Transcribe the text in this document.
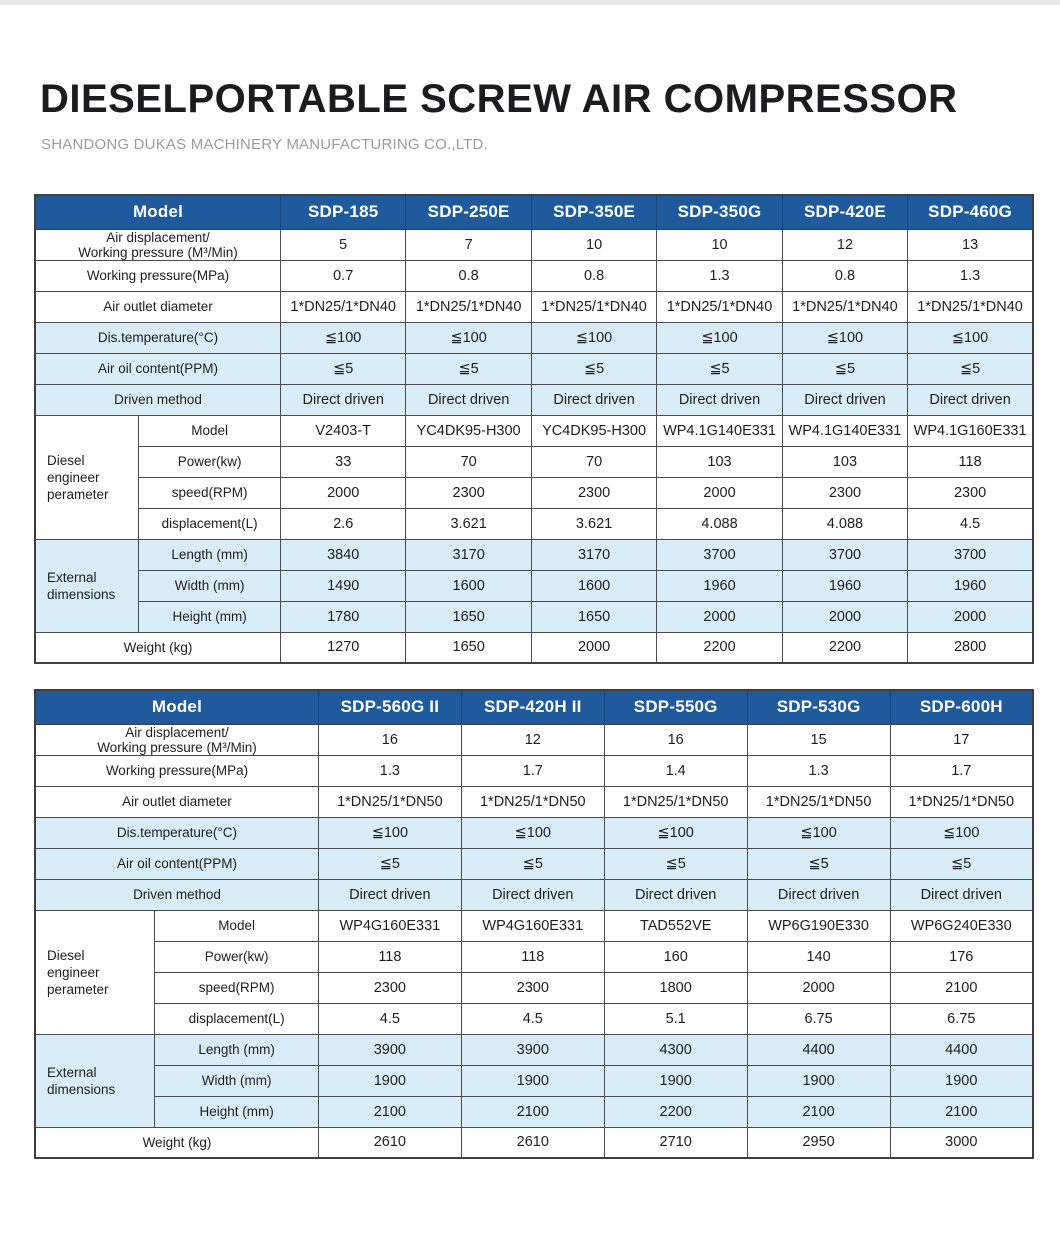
DIESELPORTABLE SCREW AIR COMPRESSOR
SHANDONG DUKAS MACHINERY MANUFACTURING CO.,LTD.
Model		SDP-185	SDP-250E	SDP-350E	SDP-350G	SDP-420E	SDP-460G

Air displacement/
Working pressure (M³/Min)		5	7	10	10	12	13

Working pressure(MPa)		0.7	0.8	0.8	1.3	0.8	1.3

Air outlet diameter		1*DN25/1*DN40	1*DN25/1*DN40	1*DN25/1*DN40	1*DN25/1*DN40	1*DN25/1*DN40	1*DN25/1*DN40

Dis.temperature(°C)		≦100	≦100	≦100	≦100	≦100	≦100

Air oil content(PPM)		≦5	≦5	≦5	≦5	≦5	≦5

Driven method		Direct driven	Direct driven	Direct driven	Direct driven	Direct driven	Direct driven

Diesel
engineer
perameter	Model	V2403-T	YC4DK95-H300	YC4DK95-H300	WP4.1G140E331	WP4.1G140E331	WP4.1G160E331
	Power(kw)	33	70	70	103	103	118
	speed(RPM)	2000	2300	2300	2000	2300	2300
	displacement(L)	2.6	3.621	3.621	4.088	4.088	4.5

External
dimensions	Length (mm)	3840	3170	3170	3700	3700	3700
	Width (mm)	1490	1600	1600	1960	1960	1960
	Height (mm)	1780	1650	1650	2000	2000	2000

Weight (kg)		1270	1650	2000	2200	2200	2800
Model		SDP-560G II	SDP-420H II	SDP-550G	SDP-530G	SDP-600H

Air displacement/
Working pressure (M³/Min)		16	12	16	15	17

Working pressure(MPa)		1.3	1.7	1.4	1.3	1.7

Air outlet diameter		1*DN25/1*DN50	1*DN25/1*DN50	1*DN25/1*DN50	1*DN25/1*DN50	1*DN25/1*DN50

Dis.temperature(°C)		≦100	≦100	≦100	≦100	≦100

Air oil content(PPM)		≦5	≦5	≦5	≦5	≦5

Driven method		Direct driven	Direct driven	Direct driven	Direct driven	Direct driven

Diesel
engineer
perameter	Model	WP4G160E331	WP4G160E331	TAD552VE	WP6G190E330	WP6G240E330
	Power(kw)	118	118	160	140	176
	speed(RPM)	2300	2300	1800	2000	2100
	displacement(L)	4.5	4.5	5.1	6.75	6.75

External
dimensions	Length (mm)	3900	3900	4300	4400	4400
	Width (mm)	1900	1900	1900	1900	1900
	Height (mm)	2100	2100	2200	2100	2100

Weight (kg)		2610	2610	2710	2950	3000
